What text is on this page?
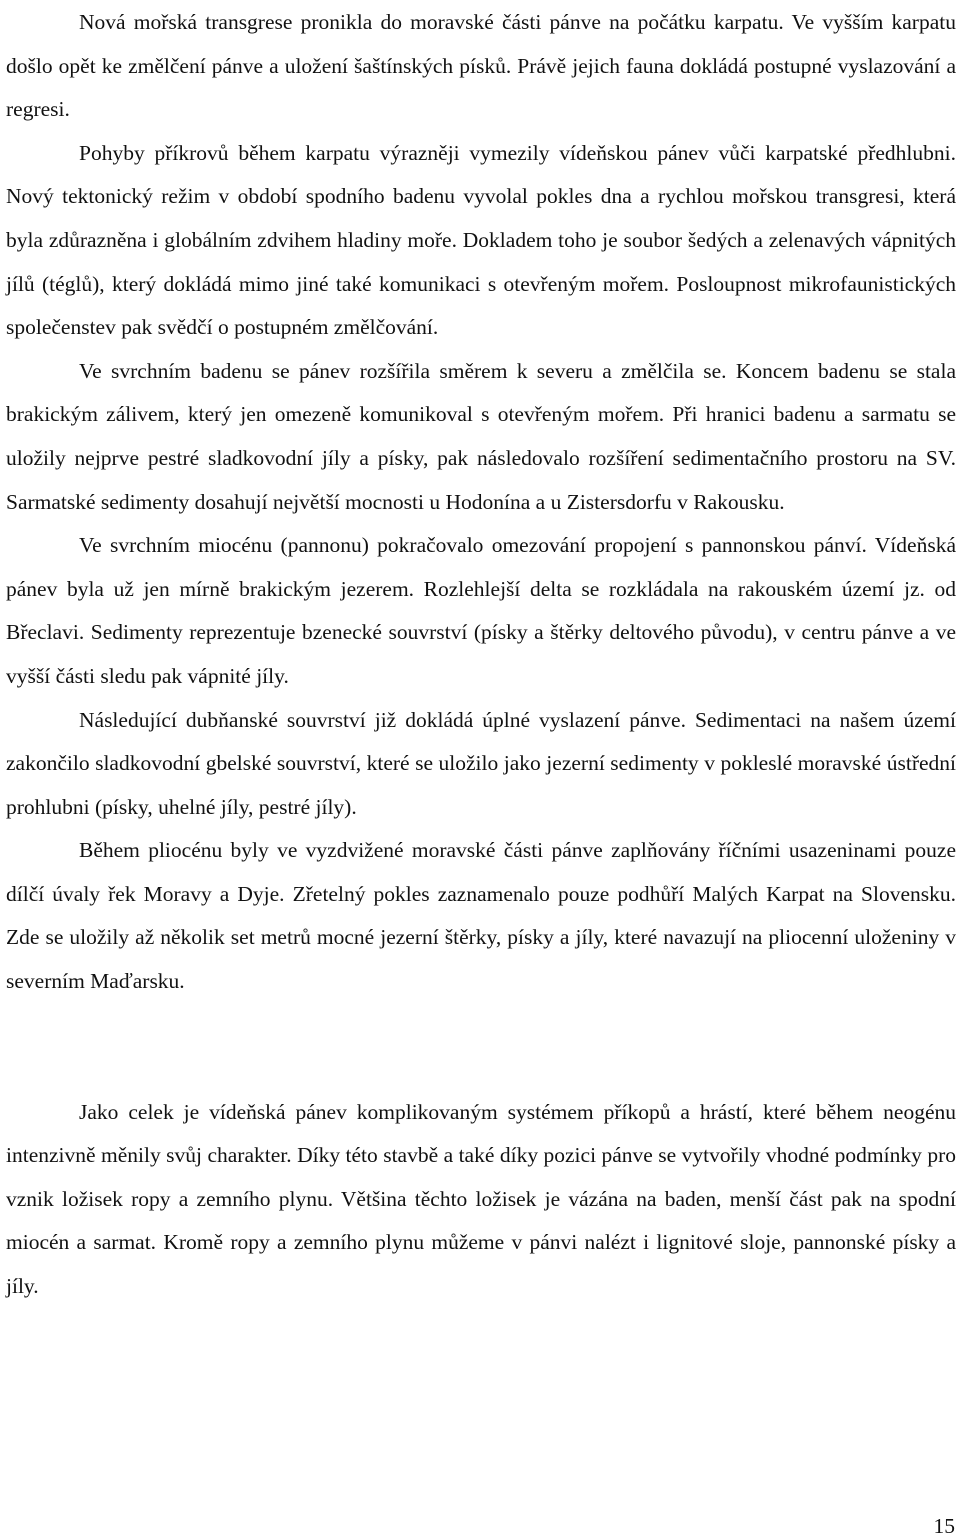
Nová mořská transgrese pronikla do moravské části pánve na počátku karpatu. Ve vyšším karpatu došlo opět ke změlčení pánve a uložení šaštínských písků. Právě jejich fauna dokládá postupné vyslazování a regresi.

Pohyby příkrovů během karpatu výrazněji vymezily vídeňskou pánev vůči karpatské předhlubni. Nový tektonický režim v období spodního badenu vyvolal pokles dna a rychlou mořskou transgresi, která byla zdůrazněna i globálním zdvihem hladiny moře. Dokladem toho je soubor šedých a zelenavých vápnitých jílů (téglů), který dokládá mimo jiné také komunikaci s otevřeným mořem. Posloupnost mikrofaunistických společenstev pak svědčí o postupném změlčování.

Ve svrchním badenu se pánev rozšířila směrem k severu a změlčila se. Koncem badenu se stala brakickým zálivem, který jen omezeně komunikoval s otevřeným mořem. Při hranici badenu a sarmatu se uložily nejprve pestré sladkovodní jíly a písky, pak následovalo rozšíření sedimentačního prostoru na SV. Sarmatské sedimenty dosahují největší mocnosti u Hodonína a u Zistersdorfu v Rakousku.

Ve svrchním miocénu (pannonu) pokračovalo omezování propojení s pannonskou pánví. Vídeňská pánev byla už jen mírně brakickým jezerem. Rozlehlejší delta se rozkládala na rakouském území jz. od Břeclavi. Sedimenty reprezentuje bzenecké souvrství (písky a štěrky deltového původu), v centru pánve a ve vyšší části sledu pak vápnité jíly.

Následující dubňanské souvrství již dokládá úplné vyslazení pánve. Sedimentaci na našem území zakončilo sladkovodní gbelské souvrství, které se uložilo jako jezerní sedimenty v pokleslé moravské ústřední prohlubni (písky, uhelné jíly, pestré jíly).

Během pliocénu byly ve vyzdvižené moravské části pánve zaplňovány říčními usazeninami pouze dílčí úvaly řek Moravy a Dyje. Zřetelný pokles zaznamenalo pouze podhůří Malých Karpat na Slovensku. Zde se uložily až několik set metrů mocné jezerní štěrky, písky a jíly, které navazují na pliocenní uloženiny v severním Maďarsku.

Jako celek je vídeňská pánev komplikovaným systémem příkopů a hrástí, které během neogénu intenzivně měnily svůj charakter. Díky této stavbě a také díky pozici pánve se vytvořily vhodné podmínky pro vznik ložisek ropy a zemního plynu. Většina těchto ložisek je vázána na baden, menší část pak na spodní miocén a sarmat. Kromě ropy a zemního plynu můžeme v pánvi nalézt i lignitové sloje, pannonské písky a jíly.

15
